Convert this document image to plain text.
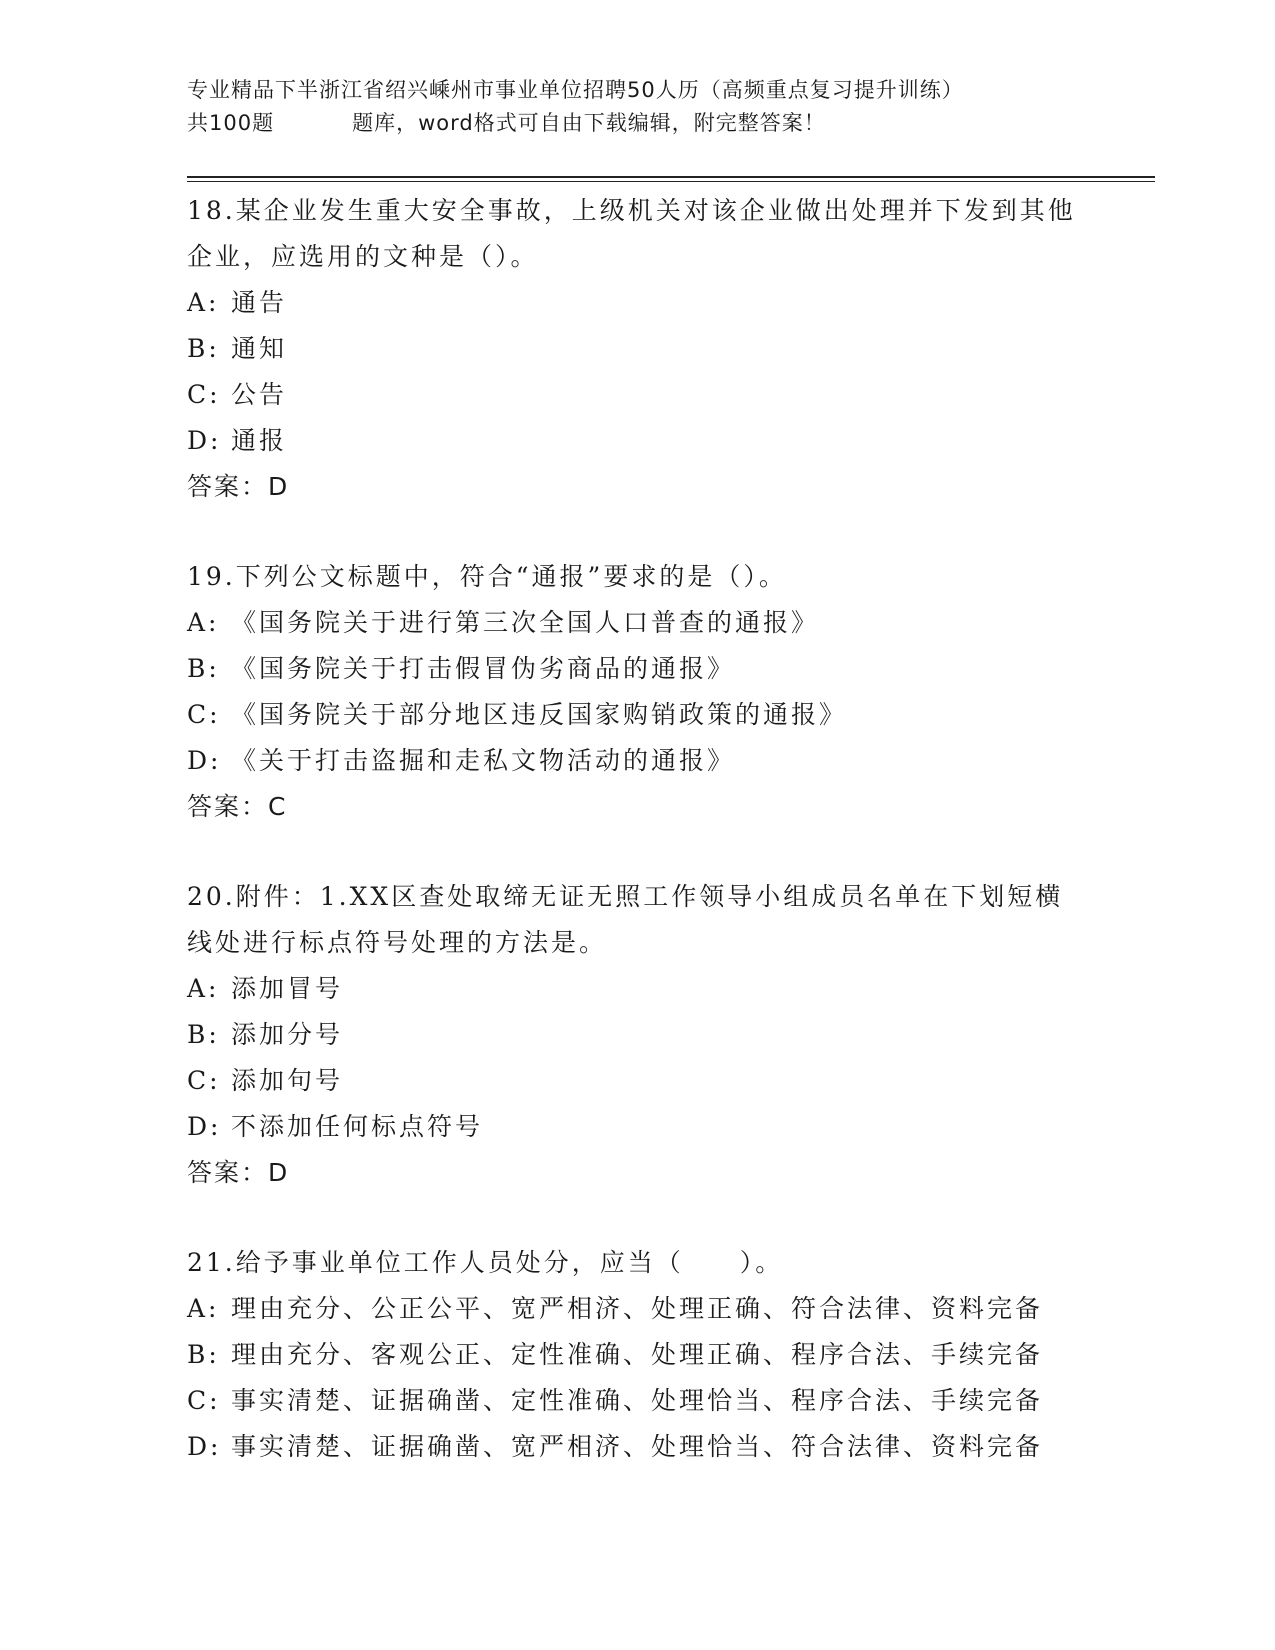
专业精品下半浙江省绍兴嵊州市事业单位招聘50人历（高频重点复习提升训练）
共100题	题库，word格式可自由下载编辑，附完整答案！
18.某企业发生重大安全事故，上级机关对该企业做出处理并下发到其他企业，应选用的文种是（）。
A: 通告
B: 通知
C: 公告
D: 通报
答案：D
19.下列公文标题中，符合“通报”要求的是（）。
A: 《国务院关于进行第三次全国人口普查的通报》
B: 《国务院关于打击假冒伪劣商品的通报》
C: 《国务院关于部分地区违反国家购销政策的通报》
D: 《关于打击盗掘和走私文物活动的通报》
答案：C
20.附件：1.XX区查处取缔无证无照工作领导小组成员名单在下划短横线处进行标点符号处理的方法是。
A: 添加冒号
B: 添加分号
C: 添加句号
D: 不添加任何标点符号
答案：D
21.给予事业单位工作人员处分，应当（　　）。
A: 理由充分、公正公平、宽严相济、处理正确、符合法律、资料完备
B: 理由充分、客观公正、定性准确、处理正确、程序合法、手续完备
C: 事实清楚、证据确凿、定性准确、处理恰当、程序合法、手续完备
D: 事实清楚、证据确凿、宽严相济、处理恰当、符合法律、资料完备
